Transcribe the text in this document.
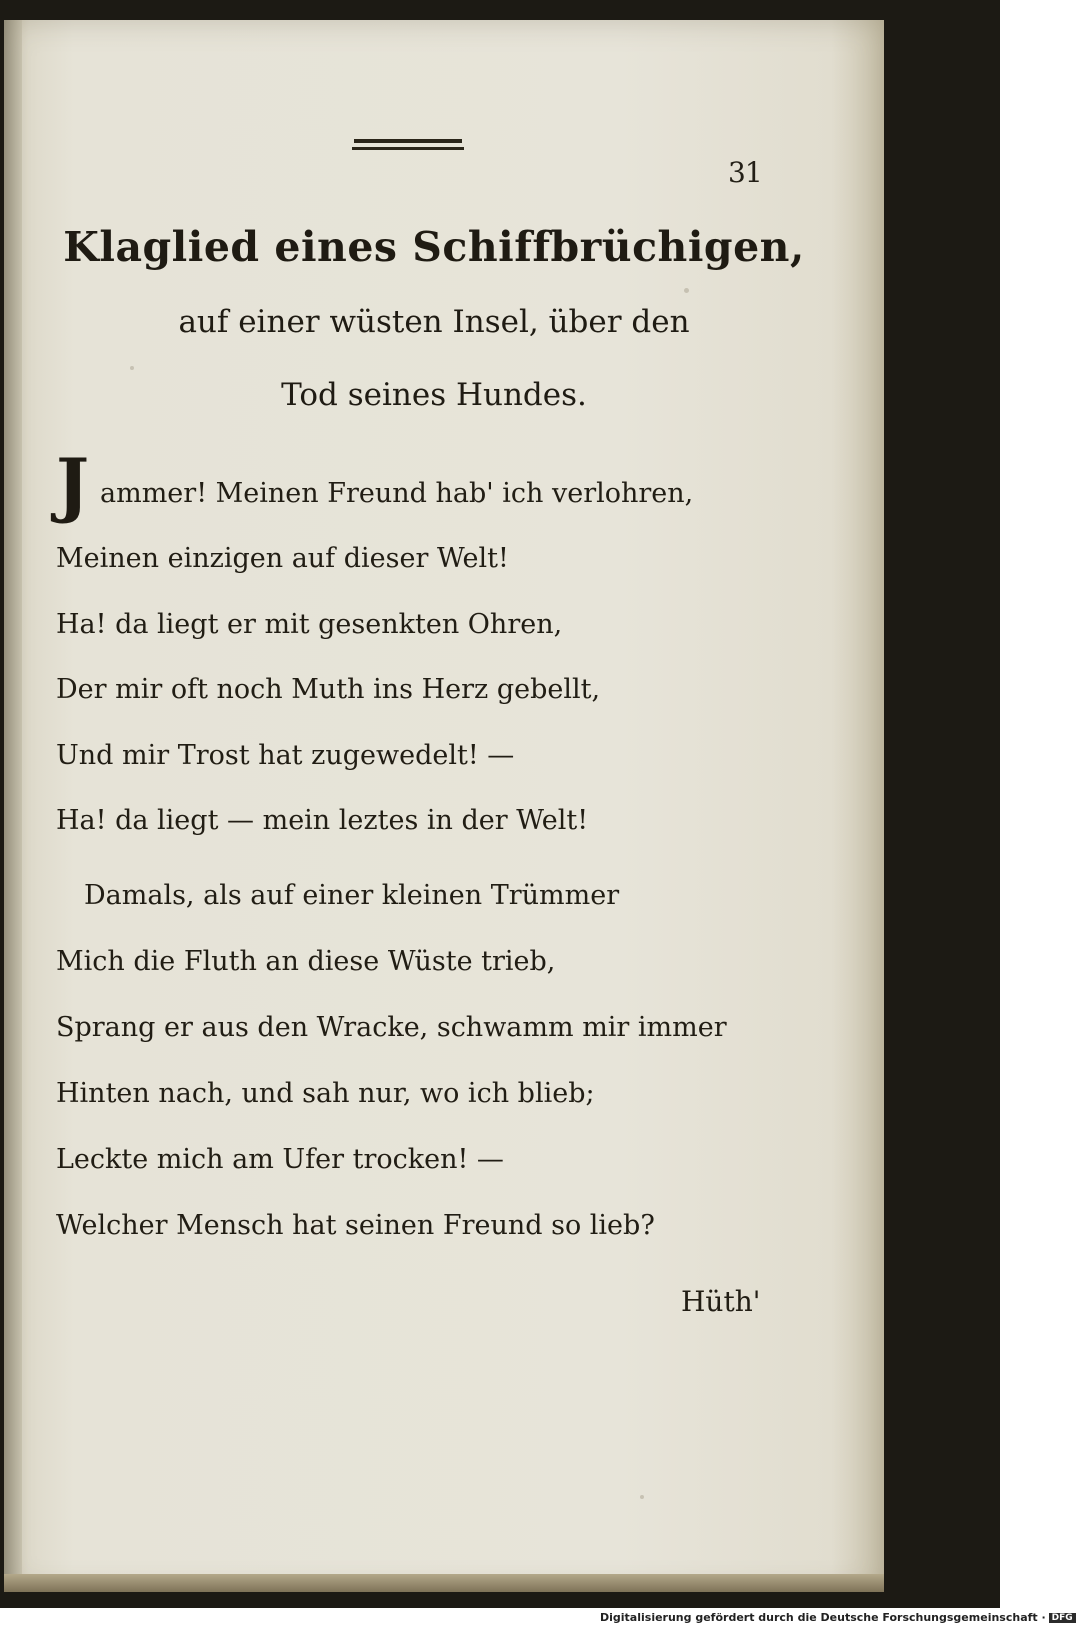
31
Klaglied eines Schiffbrüchigen,
auf einer wüsten Insel, über den
Tod seines Hundes.
J ammer! Meinen Freund hab' ich verlohren,
Meinen einzigen auf dieser Welt!
Ha! da liegt er mit gesenkten Ohren,
Der mir oft noch Muth ins Herz gebellt,
Und mir Trost hat zugewedelt! —
Ha! da liegt — mein leztes in der Welt!
Damals, als auf einer kleinen Trümmer
Mich die Fluth an diese Wüste trieb,
Sprang er aus den Wracke, schwamm mir immer
Hinten nach, und sah nur, wo ich blieb;
Leckte mich am Ufer trocken! —
Welcher Mensch hat seinen Freund so lieb?
Hüth'
Digitalisierung gefördert durch die Deutsche Forschungsgemeinschaft · DFG
